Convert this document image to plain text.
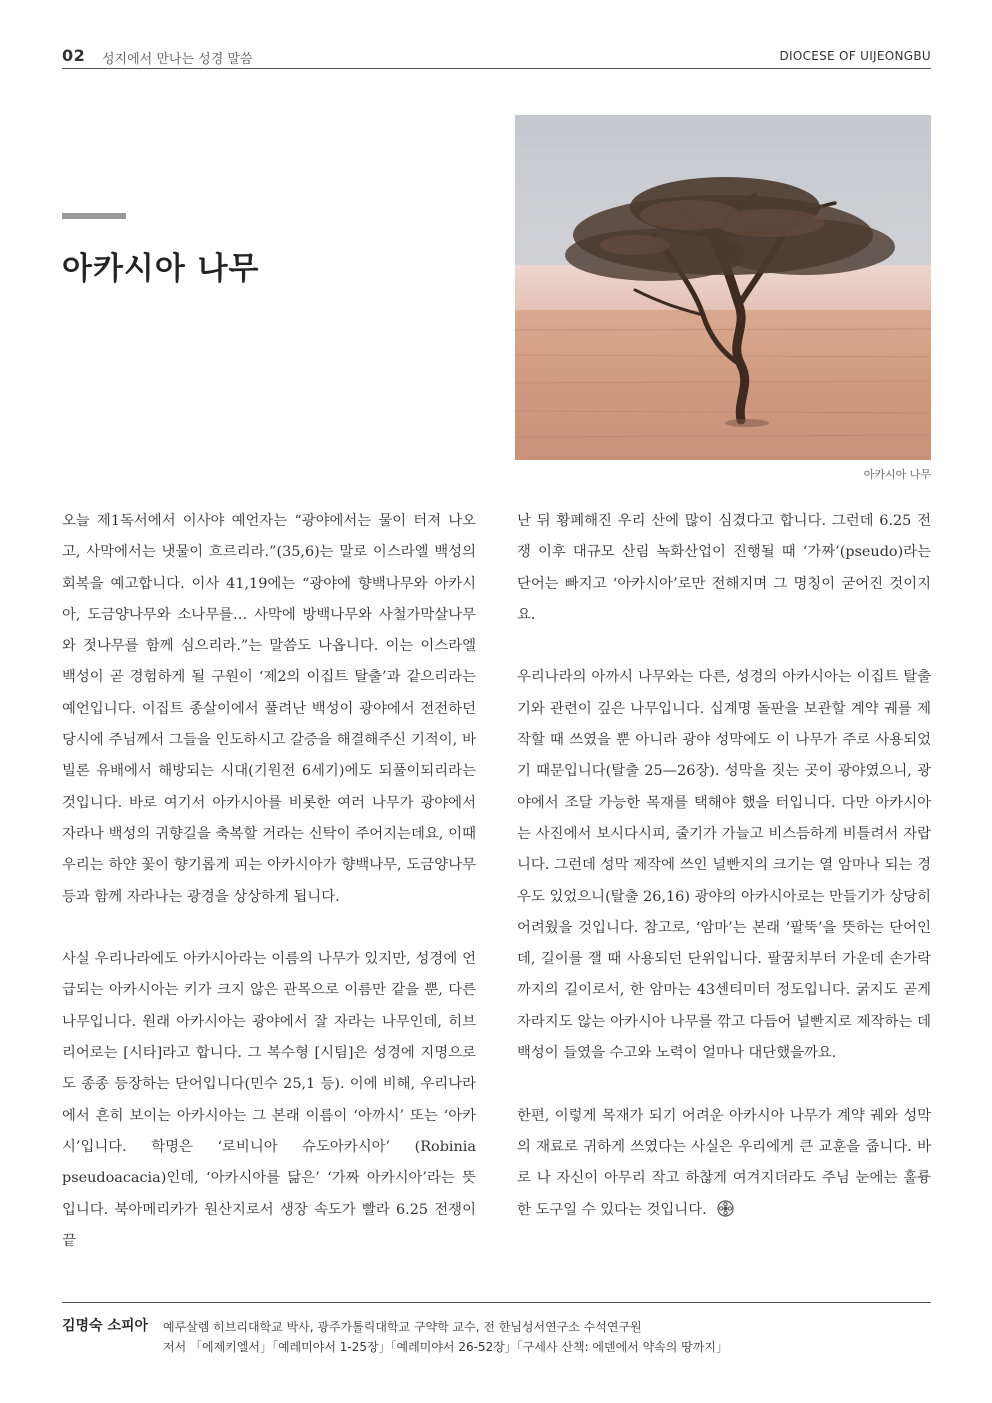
02 성지에서 만나는 성경 말씀	DIOCESE OF UIJEONGBU
아카시아 나무
아카시아 나무

오늘 제1독서에서 이사야 예언자는 “광야에서는 물이 터져 나오고, 사막에서는 냇물이 흐르리라.”(35,6)는 말로 이스라엘 백성의 회복을 예고합니다. 이사 41,19에는 “광야에 향백나무와 아카시아, 도금양나무와 소나무를… 사막에 방백나무와 사철가막살나무와 젓나무를 함께 심으리라.”는 말씀도 나옵니다. 이는 이스라엘 백성이 곧 경험하게 될 구원이 ‘제2의 이집트 탈출’과 같으리라는 예언입니다. 이집트 종살이에서 풀려난 백성이 광야에서 전전하던 당시에 주님께서 그들을 인도하시고 갈증을 해결해주신 기적이, 바빌론 유배에서 해방되는 시대(기원전 6세기)에도 되풀이되리라는 것입니다. 바로 여기서 아카시아를 비롯한 여러 나무가 광야에서 자라나 백성의 귀향길을 축복할 거라는 신탁이 주어지는데요, 이때 우리는 하얀 꽃이 향기롭게 피는 아카시아가 향백나무, 도금양나무 등과 함께 자라나는 광경을 상상하게 됩니다.

사실 우리나라에도 아카시아라는 이름의 나무가 있지만, 성경에 언급되는 아카시아는 키가 크지 않은 관목으로 이름만 같을 뿐, 다른 나무입니다. 원래 아카시아는 광야에서 잘 자라는 나무인데, 히브리어로는 [시타]라고 합니다. 그 복수형 [시팀]은 성경에 지명으로도 종종 등장하는 단어입니다(민수 25,1 등). 이에 비해, 우리나라에서 흔히 보이는 아카시아는 그 본래 이름이 ‘아까시’ 또는 ‘아카시’입니다. 학명은 ‘로비니아 슈도아카시아’ (Robinia pseudoacacia)인데, ‘아카시아를 닮은’ ‘가짜 아카시아’라는 뜻입니다. 북아메리카가 원산지로서 생장 속도가 빨라 6.25 전쟁이 끝

난 뒤 황폐해진 우리 산에 많이 심겼다고 합니다. 그런데 6.25 전쟁 이후 대규모 산림 녹화산업이 진행될 때 ‘가짜’(pseudo)라는 단어는 빠지고 ‘아카시아’로만 전해지며 그 명칭이 굳어진 것이지요.

우리나라의 아까시 나무와는 다른, 성경의 아카시아는 이집트 탈출기와 관련이 깊은 나무입니다. 십계명 돌판을 보관할 계약 궤를 제작할 때 쓰였을 뿐 아니라 광야 성막에도 이 나무가 주로 사용되었기 때문입니다(탈출 25—26장). 성막을 짓는 곳이 광야였으니, 광야에서 조달 가능한 목재를 택해야 했을 터입니다. 다만 아카시아는 사진에서 보시다시피, 줄기가 가늘고 비스듬하게 비틀려서 자랍니다. 그런데 성막 제작에 쓰인 널빤지의 크기는 열 암마나 되는 경우도 있었으니(탈출 26,16) 광야의 아카시아로는 만들기가 상당히 어려웠을 것입니다. 참고로, ‘암마’는 본래 ‘팔뚝’을 뜻하는 단어인데, 길이를 잴 때 사용되던 단위입니다. 팔꿈치부터 가운데 손가락까지의 길이로서, 한 암마는 43센티미터 정도입니다. 굵지도 곧게 자라지도 않는 아카시아 나무를 깎고 다듬어 널빤지로 제작하는 데 백성이 들였을 수고와 노력이 얼마나 대단했을까요.

한편, 이렇게 목재가 되기 어려운 아카시아 나무가 계약 궤와 성막의 재료로 귀하게 쓰였다는 사실은 우리에게 큰 교훈을 줍니다. 바로 나 자신이 아무리 작고 하찮게 여겨지더라도 주님 눈에는 훌륭한 도구일 수 있다는 것입니다.

김명숙 소피아 예루살렘 히브리대학교 박사, 광주가톨릭대학교 구약학 교수, 전 한님성서연구소 수석연구원
저서 「에제키엘서」「예레미야서 1-25장」「예레미야서 26-52장」「구세사 산책: 에덴에서 약속의 땅까지」
